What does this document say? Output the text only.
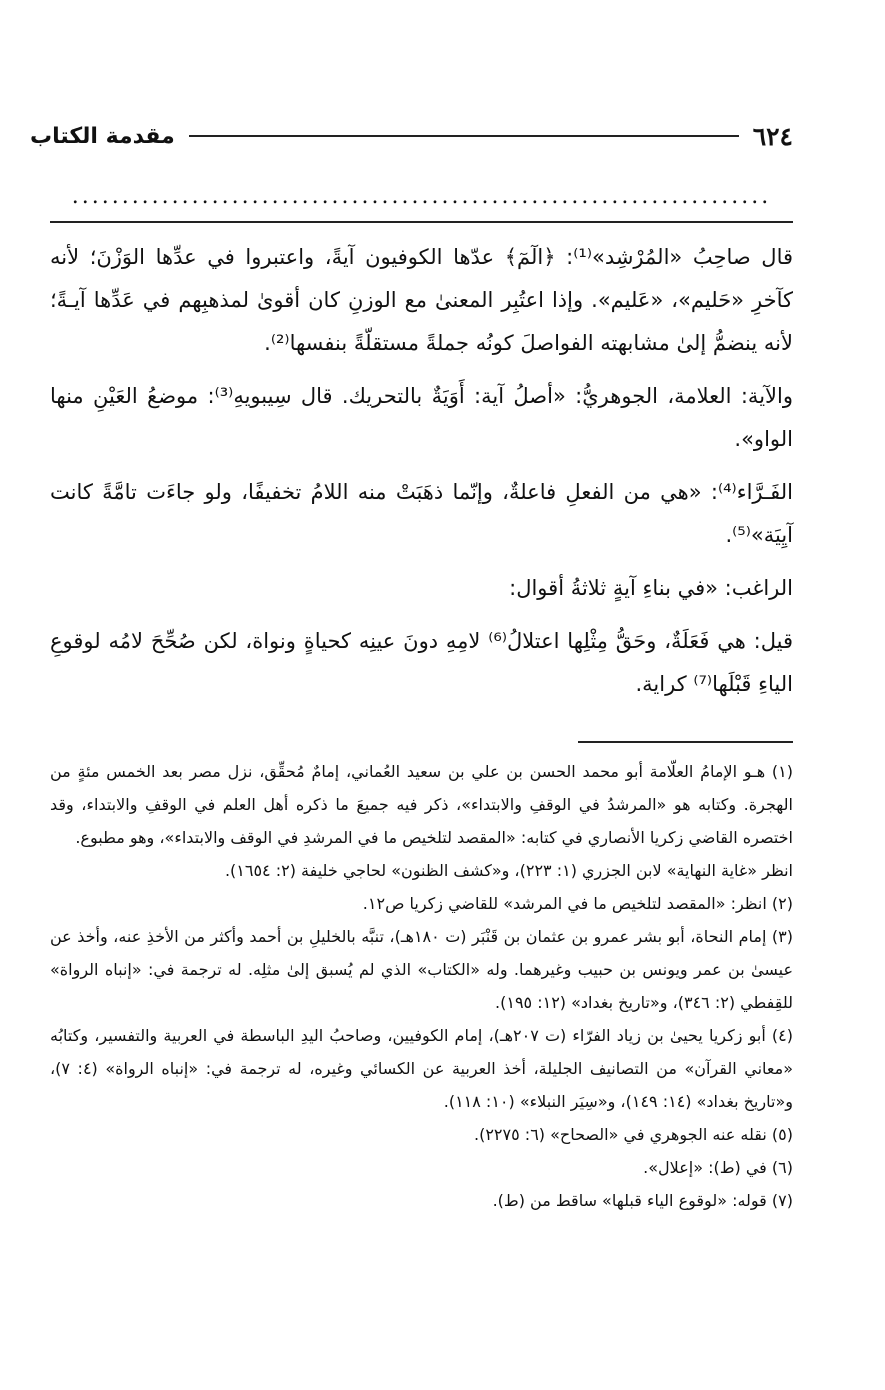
٦٢٤
مقدمة الكتاب
......................................................................

قال صاحِبُ «المُرْشِد»⁽¹⁾: ﴿الٓمٓ﴾ عدّها الكوفيون آيةً، واعتبروا في عدِّها الوَزْنَ؛ لأنه كآخرِ «حَليم»، «عَليم». وإذا اعتُبِر المعنىٰ مع الوزنِ كان أقوىٰ لمذهبِهم في عَدِّها آيـةً؛ لأنه ينضمُّ إلىٰ مشابهته الفواصلَ كونُه جملةً مستقلّةً بنفسها⁽²⁾.

والآية: العلامة، الجوهريُّ: «أصلُ آية: أَوَيَةٌ بالتحريك. قال سِيبويهِ⁽³⁾: موضعُ العَيْنِ منها الواو».

الفَـرَّاء⁽⁴⁾: «هي من الفعلِ فاعلةٌ، وإنّما ذهَبَتْ منه اللامُ تخفيفًا، ولو جاءَت تامَّةً كانت آيِيَة»⁽⁵⁾.

الراغب: «في بناءِ آيةٍ ثلاثةُ أقوال:

قيل: هي فَعَلَةٌ، وحَقُّ مِثْلِها اعتلالُ⁽⁶⁾ لامِهِ دونَ عينِه كحياةٍ ونواة، لكن صُحِّحَ لامُه لوقوعِ الياءِ قَبْلَها⁽⁷⁾ كراية.

(١) هـو الإمامُ العلّامة أبو محمد الحسن بن علي بن سعيد العُماني، إمامٌ مُحقِّق، نزل مصر بعد الخمس مئةٍ من الهجرة. وكتابه هو «المرشدُ في الوقفِ والابتداء»، ذكر فيه جميعَ ما ذكره أهل العلم في الوقفِ والابتداء، وقد اختصره القاضي زكريا الأنصاري في كتابه: «المقصد لتلخيص ما في المرشدِ في الوقف والابتداء»، وهو مطبوع.

انظر «غاية النهاية» لابن الجزري (١: ٢٢٣)، و«كشف الظنون» لحاجي خليفة (٢: ١٦٥٤).

(٢) انظر: «المقصد لتلخيص ما في المرشد» للقاضي زكريا ص١٢.

(٣) إمام النحاة، أبو بشر عمرو بن عثمان بن قَنْبَر (ت ١٨٠هـ)، تنبَّه بالخليلِ بن أحمد وأكثر من الأخذِ عنه، وأخذ عن عيسىٰ بن عمر ويونس بن حبيب وغيرهما. وله «الكتاب» الذي لم يُسبق إلىٰ مثلِه. له ترجمة في: «إنباه الرواة» للقِفطي (٢: ٣٤٦)، و«تاريخ بغداد» (١٢: ١٩٥).

(٤) أبو زكريا يحيىٰ بن زياد الفرّاء (ت ٢٠٧هـ)، إمام الكوفيين، وصاحبُ اليدِ الباسطة في العربية والتفسير، وكتابُه «معاني القرآن» من التصانيف الجليلة، أخذ العربية عن الكسائي وغيره، له ترجمة في: «إنباه الرواة» (٤: ٧)، و«تاريخ بغداد» (١٤: ١٤٩)، و«سِيَر النبلاء» (١٠: ١١٨).

(٥) نقله عنه الجوهري في «الصحاح» (٦: ٢٢٧٥).

(٦) في (ط): «إعلال».

(٧) قوله: «لوقوع الياء قبلها» ساقط من (ط).
